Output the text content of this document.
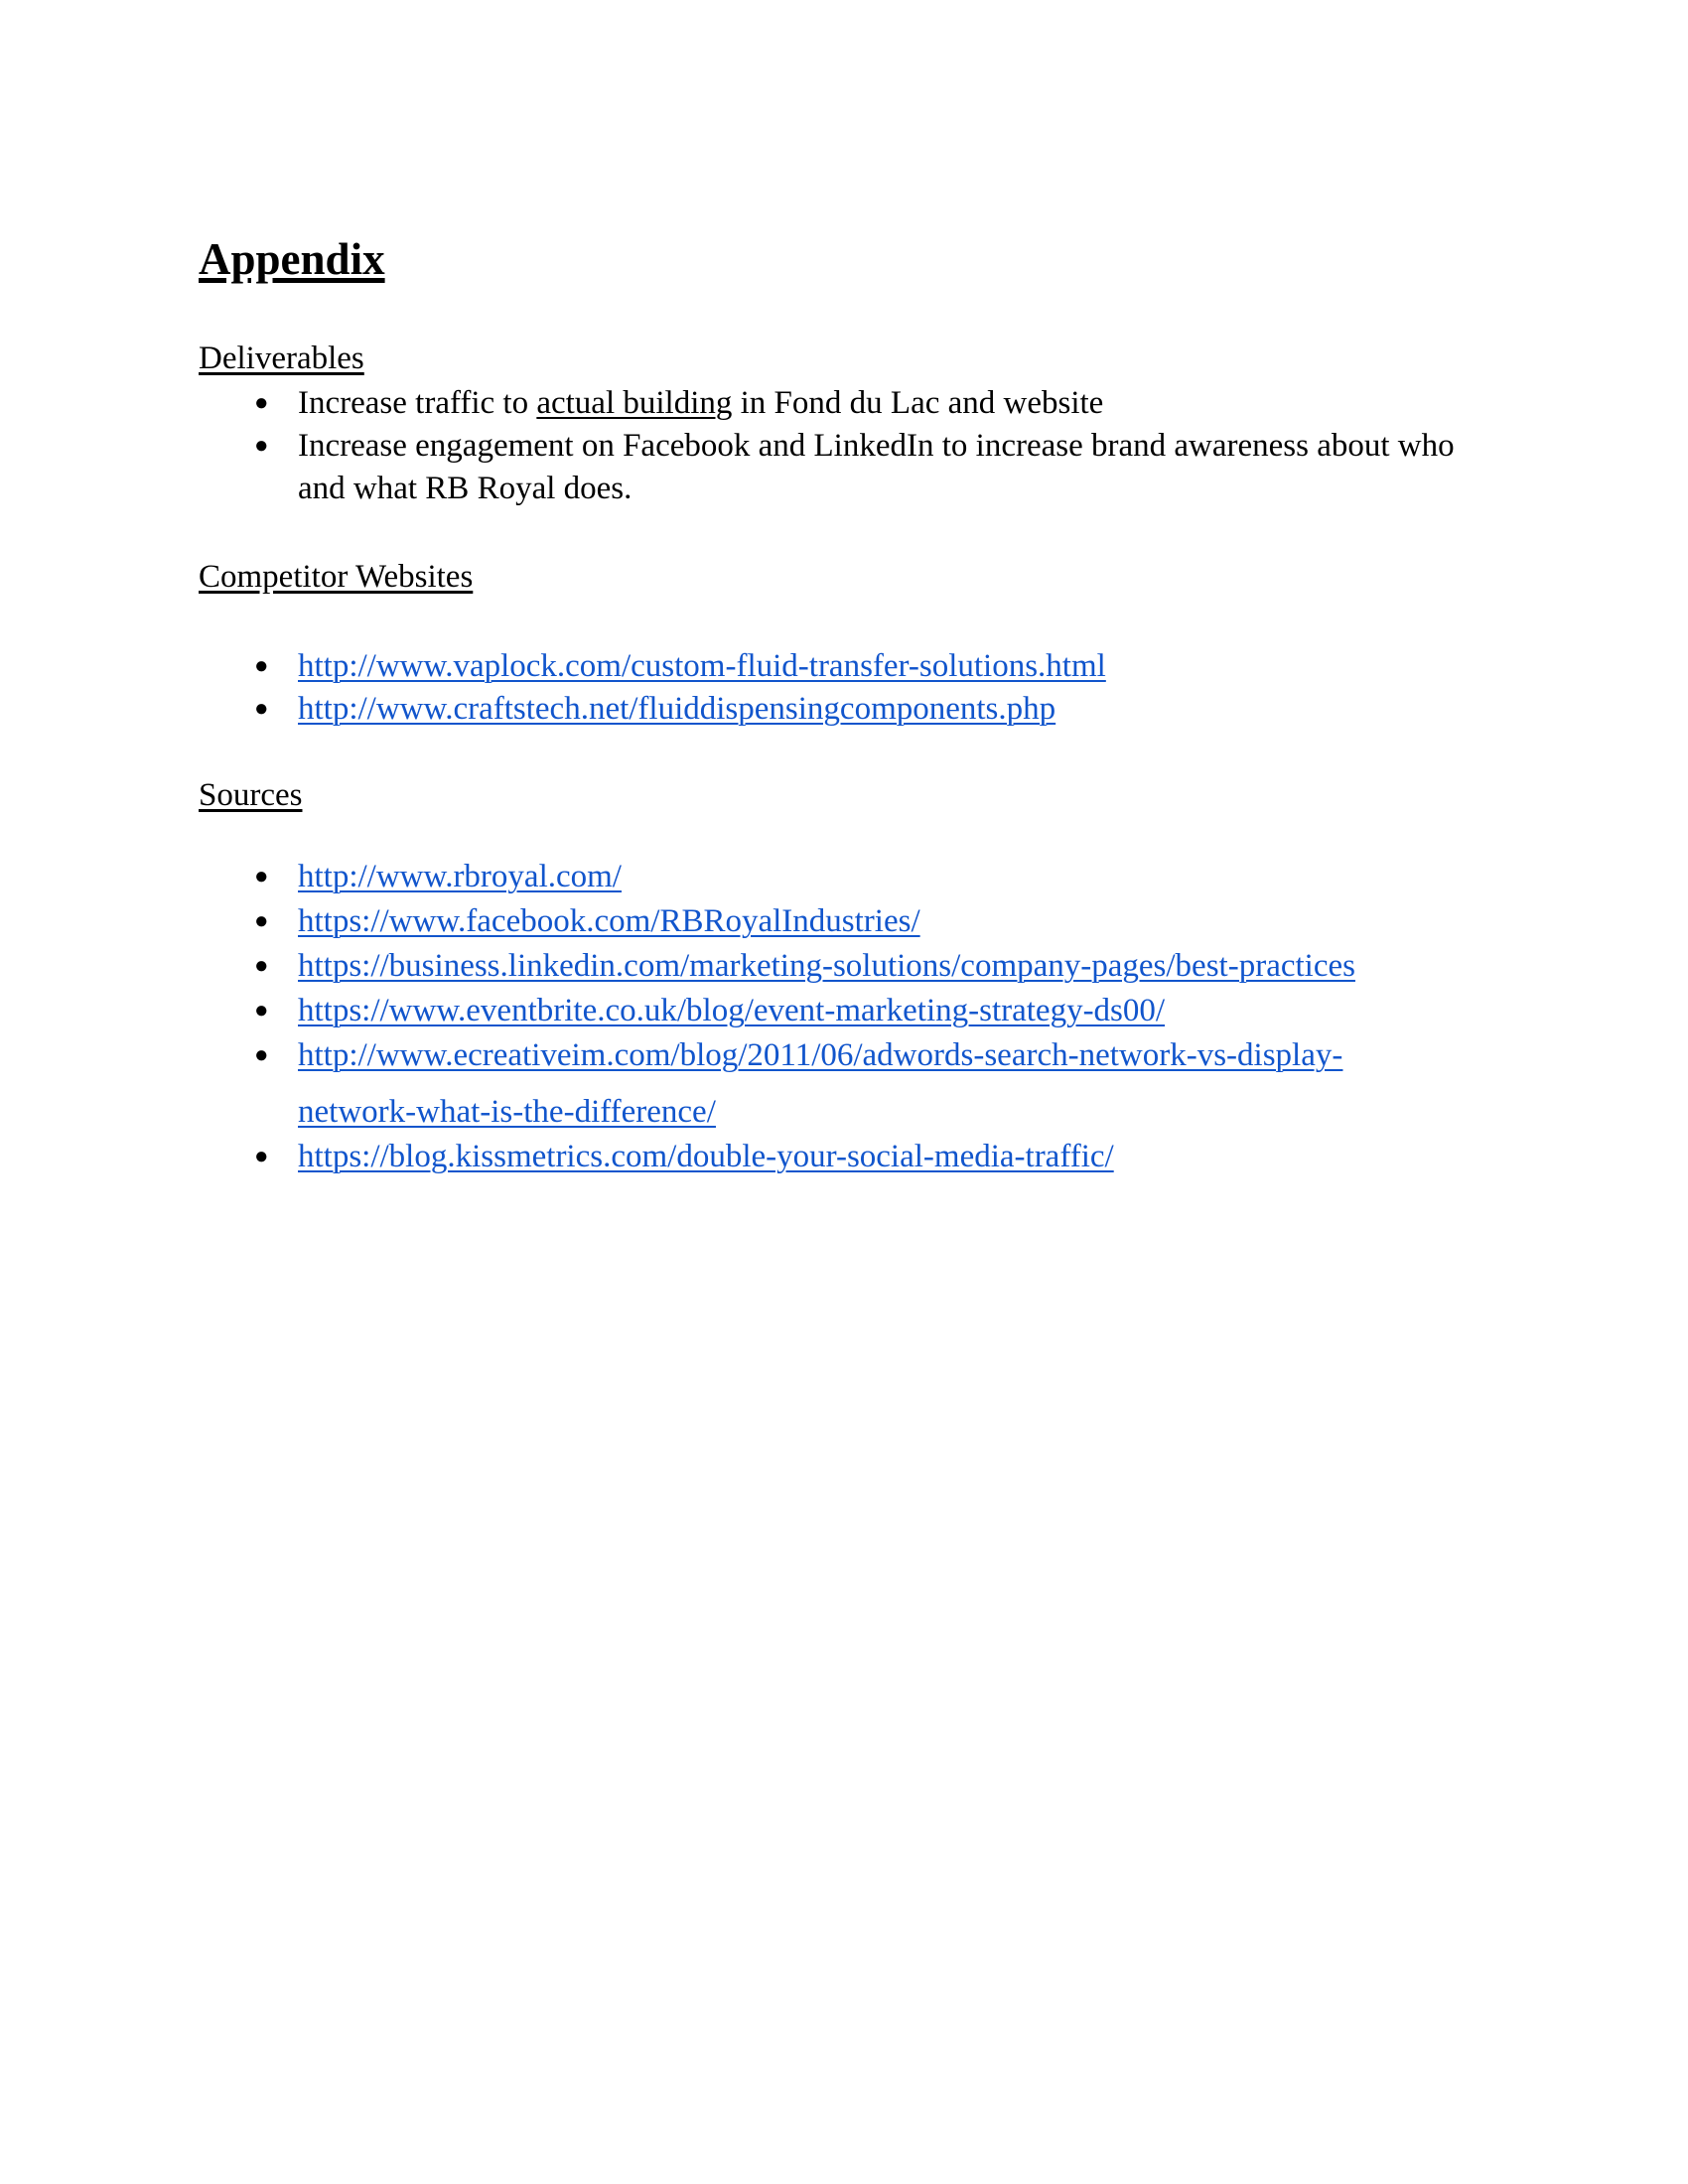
Appendix
Deliverables
● Increase traffic to actual building in Fond du Lac and website
● Increase engagement on Facebook and LinkedIn to increase brand awareness about who
and what RB Royal does.
Competitor Websites
● http://www.vaplock.com/custom-fluid-transfer-solutions.html
● http://www.craftstech.net/fluiddispensingcomponents.php
Sources
● http://www.rbroyal.com/
● https://www.facebook.com/RBRoyalIndustries/
● https://business.linkedin.com/marketing-solutions/company-pages/best-practices
● https://www.eventbrite.co.uk/blog/event-marketing-strategy-ds00/
● http://www.ecreativeim.com/blog/2011/06/adwords-search-network-vs-display-
network-what-is-the-difference/
● https://blog.kissmetrics.com/double-your-social-media-traffic/
